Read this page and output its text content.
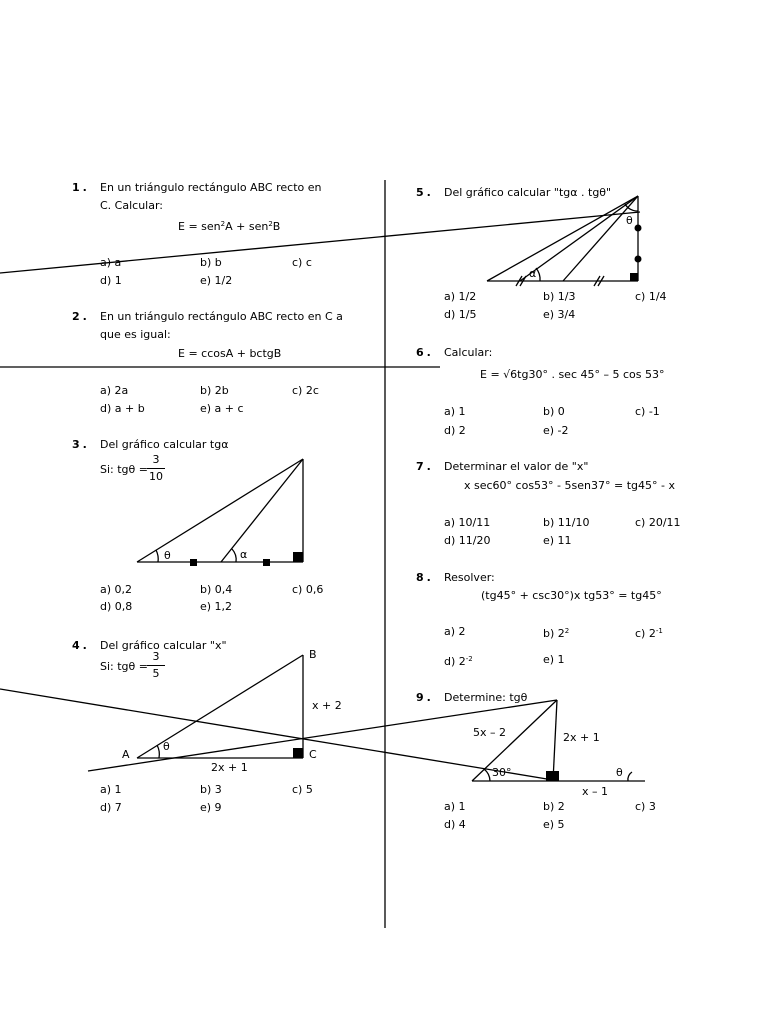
1. En un triángulo rectángulo ABC recto en
C. Calcular:
E = sen$^2$A + sen$^2$B
a) a	b) b	c) c
d) 1	e) 1/2
2. En un triángulo rectángulo ABC recto en C a
que es igual:
E = ccosA + bctgB
a) 2a	b) 2b	c) 2c
d) a + b	e) a + c
3. Del gráfico calcular tgα
Si: tgθ =
3
10
θ	α
a) 0,2	b) 0,4	c) 0,6
d) 0,8	e) 1,2
4. Del gráfico calcular "x"
Si: tgθ =
3
5
B
A
θ
C
x + 2
2x + 1
a) 1	b) 3	c) 5
d) 7	e) 9
5. Del gráfico calcular "tgα . tgθ"
θ
α
a) 1/2	b) 1/3	c) 1/4
d) 1/5	e) 3/4
6. Calcular:
E = √6tg30° . sec 45° – 5 cos 53°
a) 1	b) 0	c) -1
d) 2	e) -2
7. Determinar el valor de "x"
x sec60° cos53° - 5sen37° = tg45° - x
a) 10/11	b) 11/10	c) 20/11
d) 11/20	e) 11
8. Resolver:
(tg45° + csc30°)x tg53° = tg45°
a) 2	b) $2^2$	c) $2^{-1}$
d) $2^{-2}$	e) 1
9. Determine: tgθ
5x – 2	2x + 1
30°	θ
x – 1
a) 1	b) 2	c) 3
d) 4	e) 5
